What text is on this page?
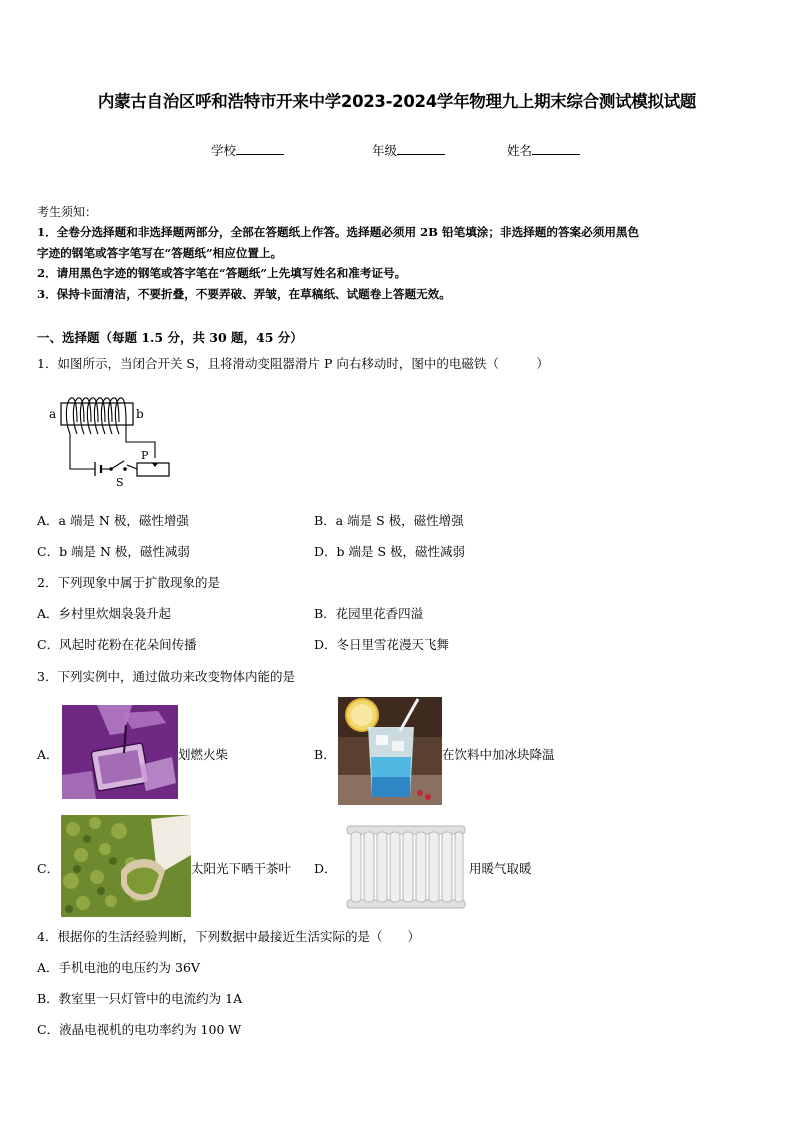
内蒙古自治区呼和浩特市开来中学2023-2024学年物理九上期末综合测试模拟试题
学校	年级	姓名
考生须知：
1．全卷分选择题和非选择题两部分，全部在答题纸上作答。选择题必须用 2B 铅笔填涂；非选择题的答案必须用黑色
字迹的钢笔或答字笔写在“答题纸”相应位置上。
2．请用黑色字迹的钢笔或答字笔在“答题纸”上先填写姓名和准考证号。
3．保持卡面清洁，不要折叠，不要弄破、弄皱，在草稿纸、试题卷上答题无效。
一、选择题（每题 1.5 分，共 30 题，45 分）
1．如图所示，当闭合开关 S，且将滑动变阻器滑片 P 向右移动时，图中的电磁铁（　　　）
a	b
P
S
A．a 端是 N 极，磁性增强	B．a 端是 S 极，磁性增强
C．b 端是 N 极，磁性减弱	D．b 端是 S 极，磁性减弱
2．下列现象中属于扩散现象的是
A．乡村里炊烟袅袅升起	B．花园里花香四溢
C．风起时花粉在花朵间传播	D．冬日里雪花漫天飞舞
3．下列实例中，通过做功来改变物体内能的是
A．	划燃火柴	B．	在饮料中加冰块降温
C．	太阳光下晒干茶叶 D．	用暖气取暖
4．根据你的生活经验判断，下列数据中最接近生活实际的是（　　）
A．手机电池的电压约为 36V
B．教室里一只灯管中的电流约为 1A
C．液晶电视机的电功率约为 100 W
